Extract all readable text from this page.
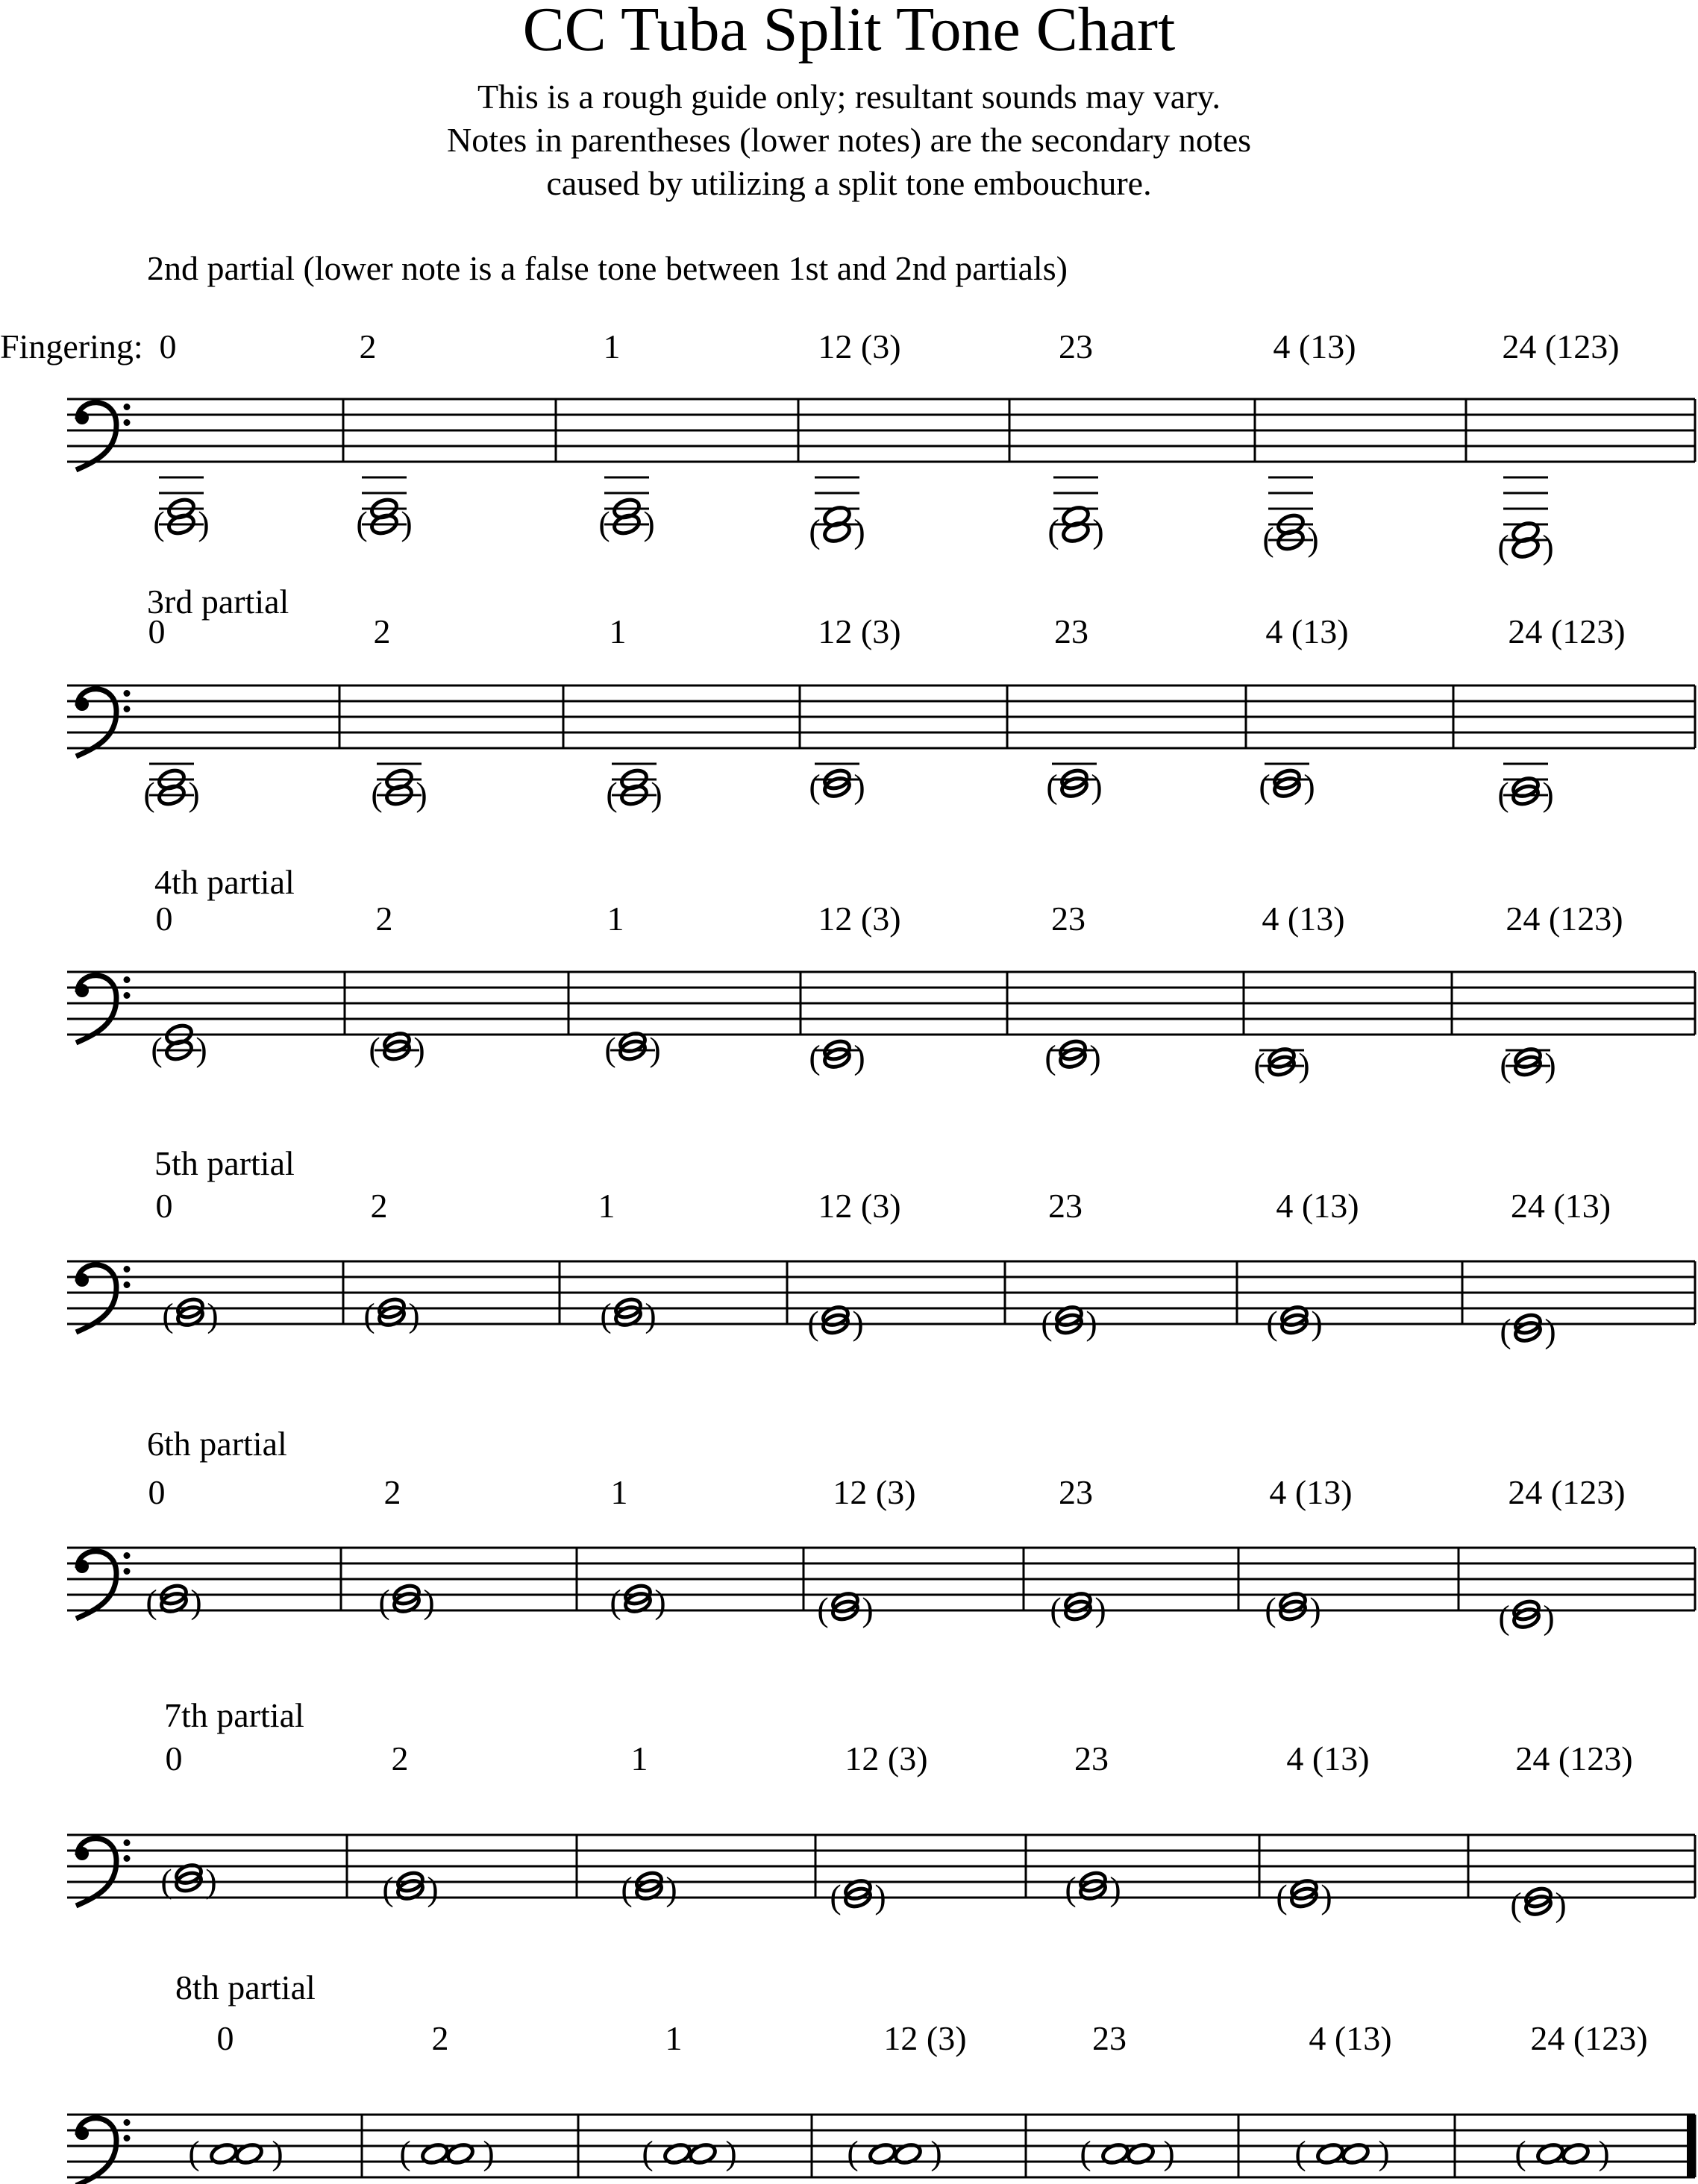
CC Tuba Split Tone Chart
This is a rough guide only; resultant sounds may vary.
Notes in parentheses (lower notes) are the secondary notes
caused by utilizing a split tone embouchure.
2nd partial (lower note is a false tone between 1st and 2nd partials)
Fingering: 0	2	1	12 (3)	23	4 (13)	24 (123)
( )	( )	( )	( )	( )	( )	( )
3rd partial
0	2	1	12 (3)	23	4 (13)	24 (123)
( )	( )	( )	( )	( )	( )	( )
4th partial
0	2	1	12 (3)	23	4 (13)	24 (123)
( )	( )	( )	( )	( )	( )	( )
5th partial
0	2	1	12 (3)	23	4 (13)	24 (13)
( )	( )	( )	( )	( )	( )	( )
6th partial
0	2	1	12 (3)	23	4 (13)	24 (123)
( )	( )	( )	( )	( )	( )	( )
7th partial
0	2	1	12 (3)	23	4 (13)	24 (123)
( )	( )	( )	( )	( )	( )	( )
8th partial
0	2	1	12 (3)	23	4 (13)	24 (123)
( )	( )	( )	( )	( )	( )	( )
